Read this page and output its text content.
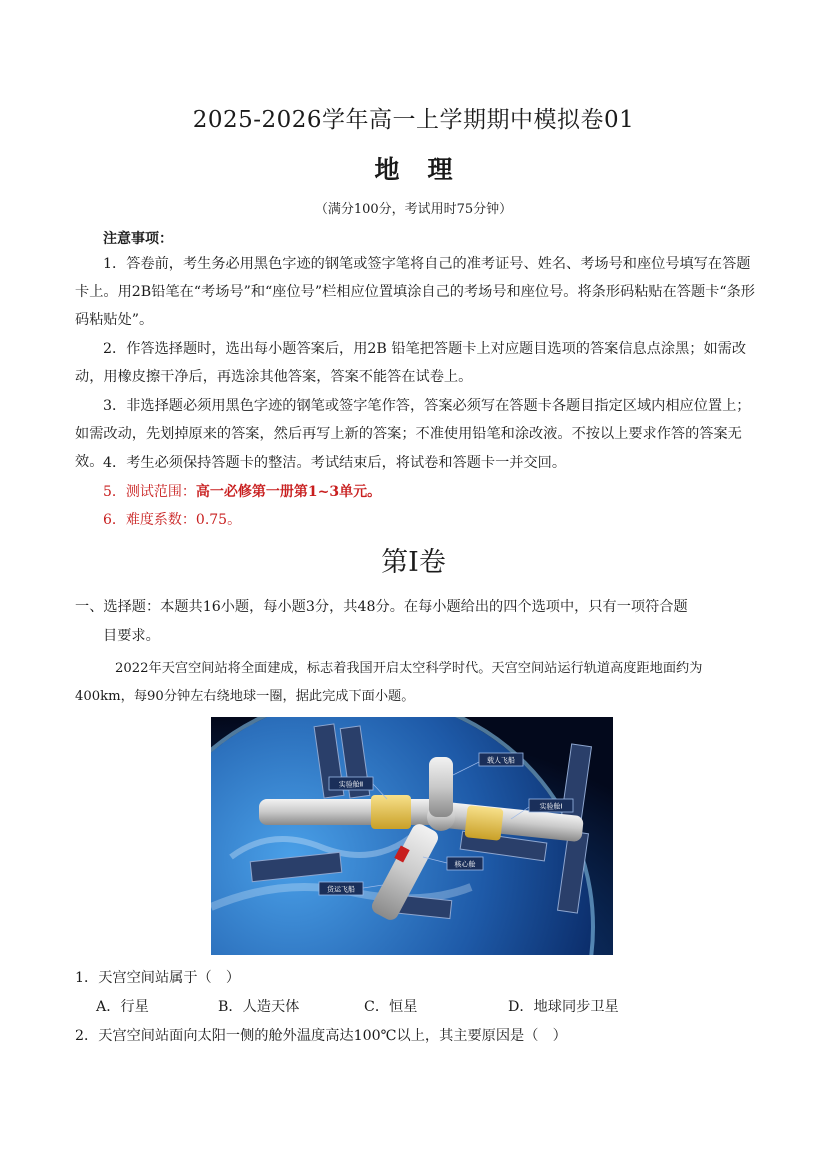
2025-2026学年高一上学期期中模拟卷01
地理
（满分100分，考试用时75分钟）
注意事项：
1．答卷前，考生务必用黑色字迹的钢笔或签字笔将自己的准考证号、姓名、考场号和座位号填写在答题卡上。用2B铅笔在“考场号”和“座位号”栏相应位置填涂自己的考场号和座位号。将条形码粘贴在答题卡“条形码粘贴处”。
2．作答选择题时，选出每小题答案后，用2B 铅笔把答题卡上对应题目选项的答案信息点涂黑；如需改动，用橡皮擦干净后，再选涂其他答案，答案不能答在试卷上。
3．非选择题必须用黑色字迹的钢笔或签字笔作答，答案必须写在答题卡各题目指定区域内相应位置上；如需改动，先划掉原来的答案，然后再写上新的答案；不准使用铅笔和涂改液。不按以上要求作答的答案无效。 4．考生必须保持答题卡的整洁。考试结束后，将试卷和答题卡一并交回。
5．测试范围：高一必修第一册第1~3单元。
6．难度系数：0.75。
第I卷
一、选择题：本题共16小题，每小题3分，共48分。在每小题给出的四个选项中，只有一项符合题
目要求。
2022年天宫空间站将全面建成，标志着我国开启太空科学时代。天宫空间站运行轨道高度距地面约为400km，每90分钟左右绕地球一圈，据此完成下面小题。
载人飞船
实验舱Ⅱ
实验舱Ⅰ
核心舱
货运飞船
1．天宫空间站属于（　）
A．行星	B．人造天体	C．恒星	D．地球同步卫星
2．天宫空间站面向太阳一侧的舱外温度高达100℃以上，其主要原因是（　）
